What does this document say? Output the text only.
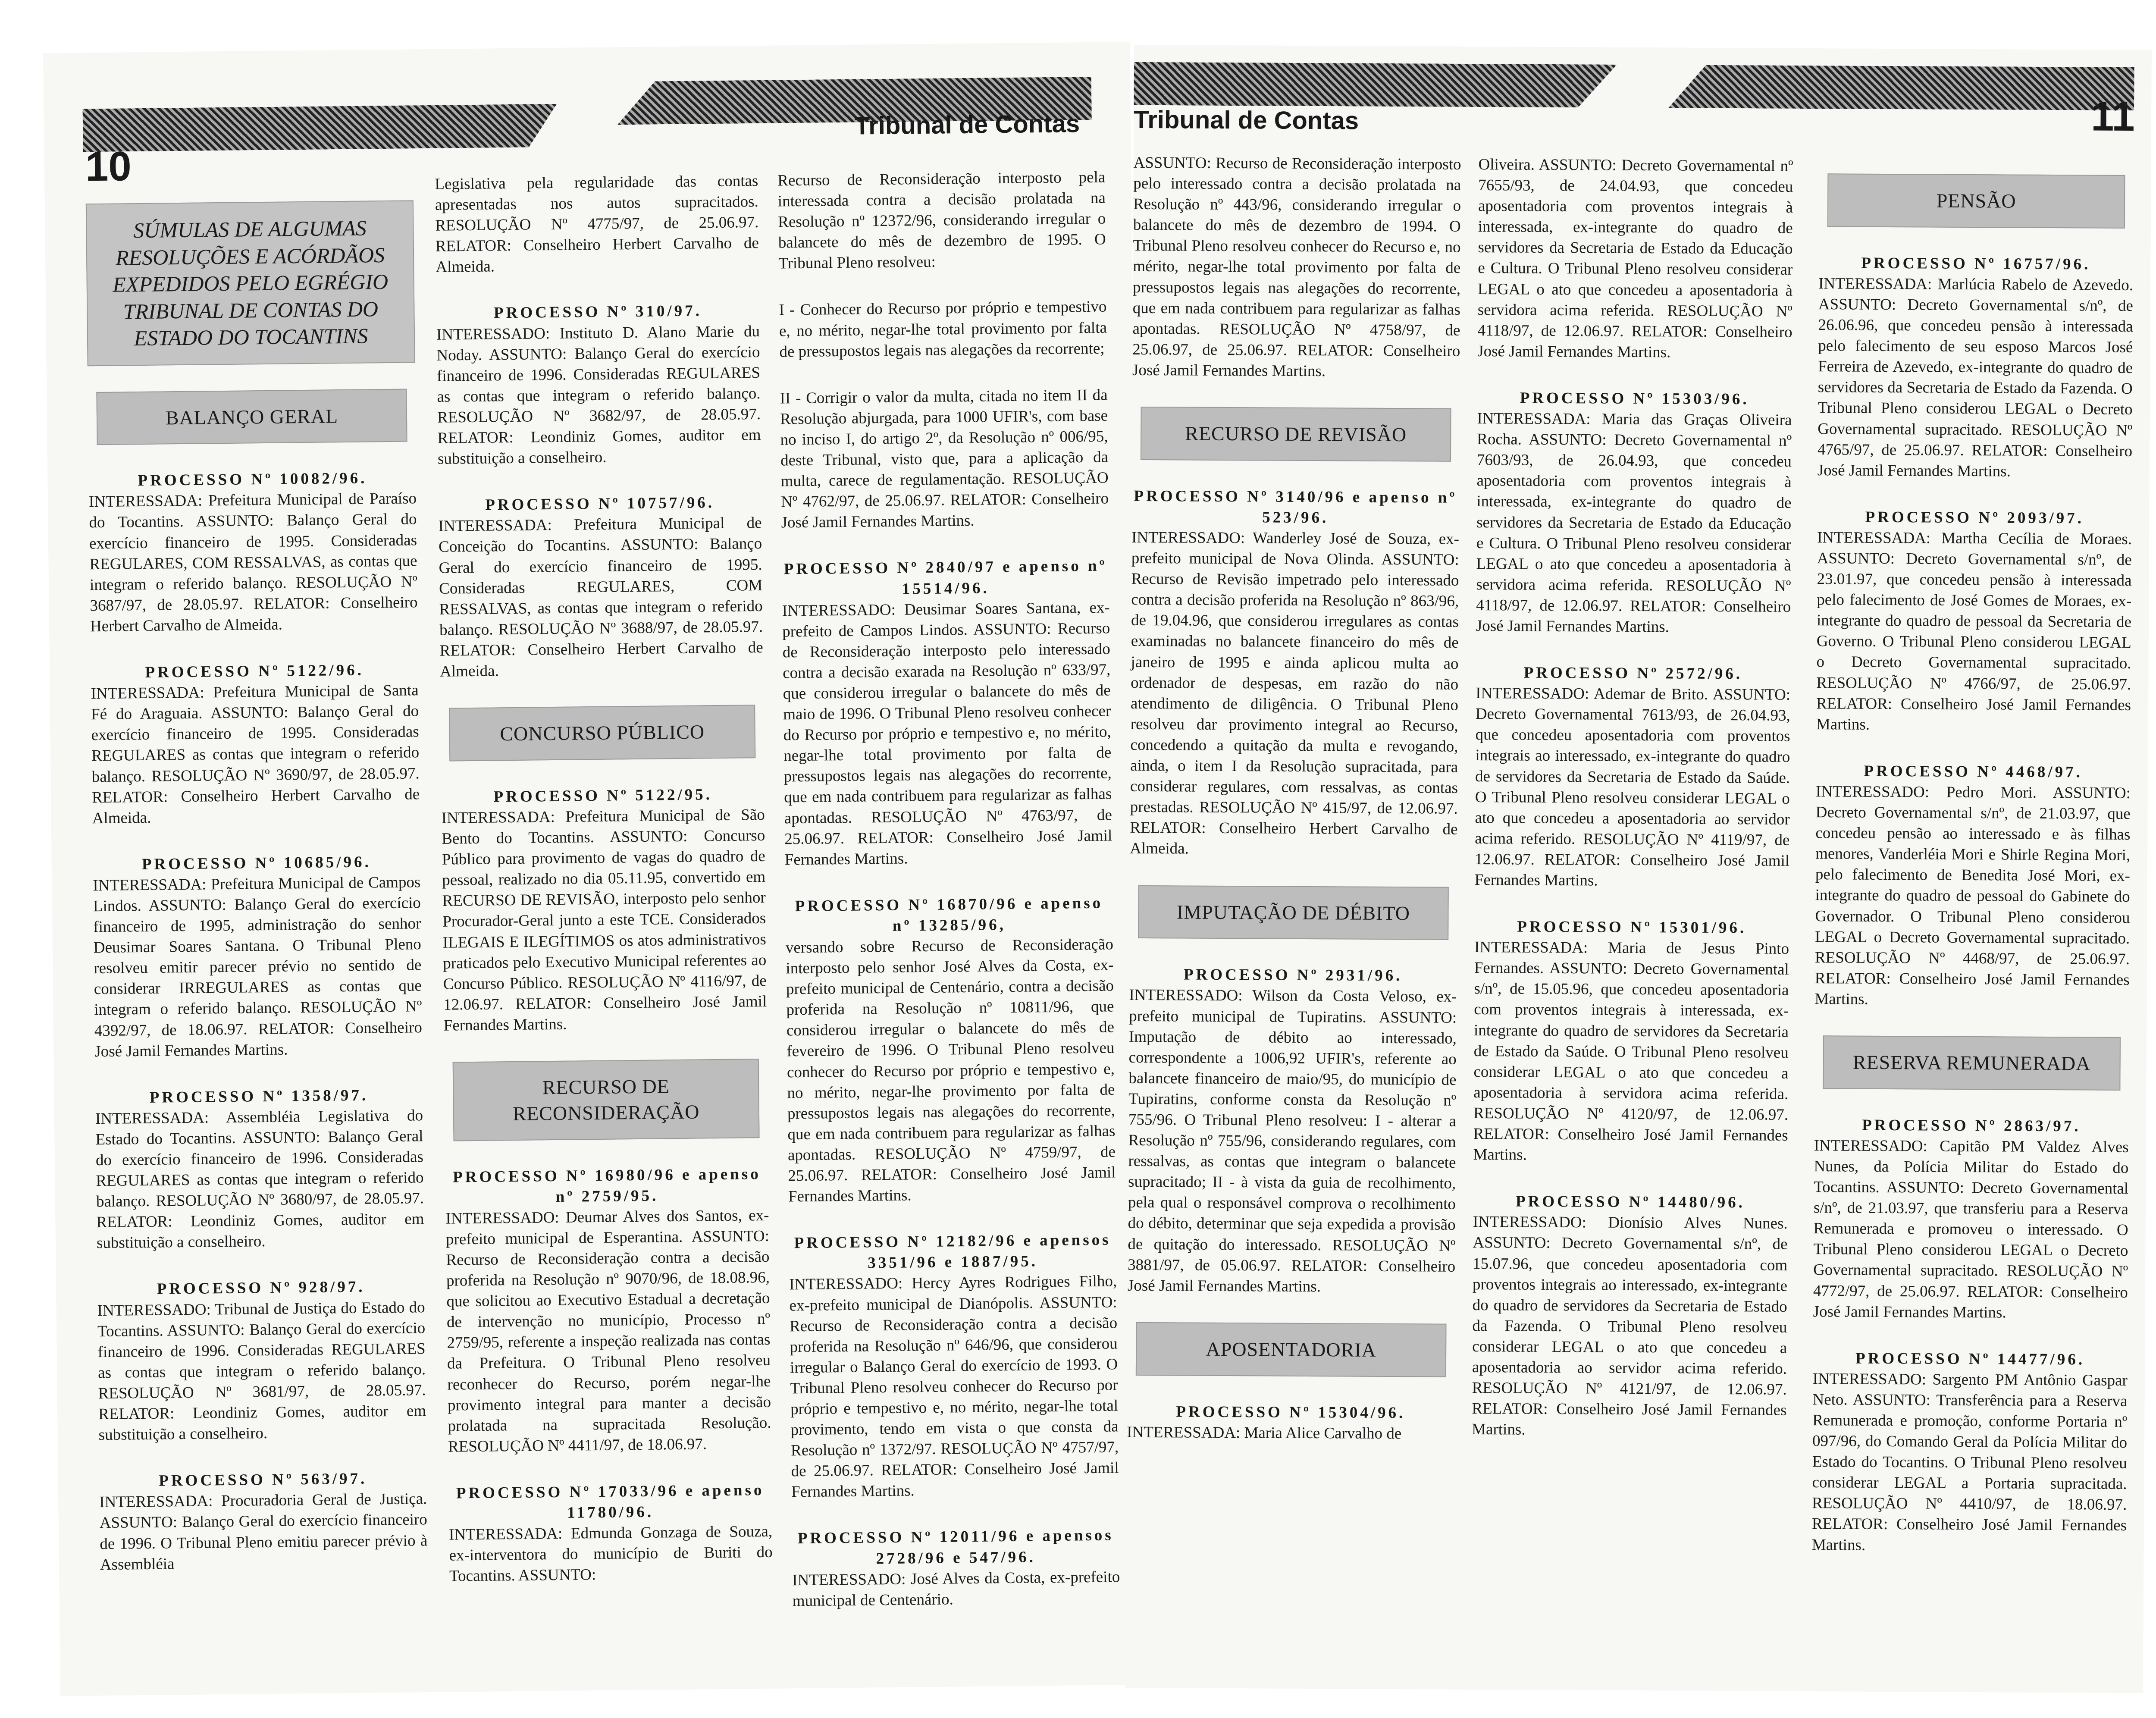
10
Tribunal de Contas
SÚMULAS DE ALGUMAS RESOLUÇÕES E ACÓRDÃOS EXPEDIDOS PELO EGRÉGIO TRIBUNAL DE CONTAS DO ESTADO DO TOCANTINS
BALANÇO GERAL

PROCESSO Nº 10082/96.
INTERESSADA: Prefeitura Municipal de Paraíso do Tocantins. ASSUNTO: Balanço Geral do exercício financeiro de 1995. Consideradas REGULARES, COM RESSALVAS, as contas que integram o referido balanço. RESOLUÇÃO Nº 3687/97, de 28.05.97. RELATOR: Conselheiro Herbert Carvalho de Almeida.

PROCESSO Nº 5122/96.
INTERESSADA: Prefeitura Municipal de Santa Fé do Araguaia. ASSUNTO: Balanço Geral do exercício financeiro de 1995. Consideradas REGULARES as contas que integram o referido balanço. RESOLUÇÃO Nº 3690/97, de 28.05.97. RELATOR: Conselheiro Herbert Carvalho de Almeida.

PROCESSO Nº 10685/96.
INTERESSADA: Prefeitura Municipal de Campos Lindos. ASSUNTO: Balanço Geral do exercício financeiro de 1995, administração do senhor Deusimar Soares Santana. O Tribunal Pleno resolveu emitir parecer prévio no sentido de considerar IRREGULARES as contas que integram o referido balanço. RESOLUÇÃO Nº 4392/97, de 18.06.97. RELATOR: Conselheiro José Jamil Fernandes Martins.

PROCESSO Nº 1358/97.
INTERESSADA: Assembléia Legislativa do Estado do Tocantins. ASSUNTO: Balanço Geral do exercício financeiro de 1996. Consideradas REGULARES as contas que integram o referido balanço. RESOLUÇÃO Nº 3680/97, de 28.05.97. RELATOR: Leondiniz Gomes, auditor em substituição a conselheiro.

PROCESSO Nº 928/97.
INTERESSADO: Tribunal de Justiça do Estado do Tocantins. ASSUNTO: Balanço Geral do exercício financeiro de 1996. Consideradas REGULARES as contas que integram o referido balanço. RESOLUÇÃO Nº 3681/97, de 28.05.97. RELATOR: Leondiniz Gomes, auditor em substituição a conselheiro.

PROCESSO Nº 563/97.
INTERESSADA: Procuradoria Geral de Justiça. ASSUNTO: Balanço Geral do exercício financeiro de 1996. O Tribunal Pleno emitiu parecer prévio à Assembléia

Legislativa pela regularidade das contas apresentadas nos autos supracitados. RESOLUÇÃO Nº 4775/97, de 25.06.97. RELATOR: Conselheiro Herbert Carvalho de Almeida.

PROCESSO Nº 310/97.
INTERESSADO: Instituto D. Alano Marie du Noday. ASSUNTO: Balanço Geral do exercício financeiro de 1996. Consideradas REGULARES as contas que integram o referido balanço. RESOLUÇÃO Nº 3682/97, de 28.05.97. RELATOR: Leondiniz Gomes, auditor em substituição a conselheiro.

PROCESSO Nº 10757/96.
INTERESSADA: Prefeitura Municipal de Conceição do Tocantins. ASSUNTO: Balanço Geral do exercício financeiro de 1995. Consideradas REGULARES, COM RESSALVAS, as contas que integram o referido balanço. RESOLUÇÃO Nº 3688/97, de 28.05.97. RELATOR: Conselheiro Herbert Carvalho de Almeida.

CONCURSO PÚBLICO

PROCESSO Nº 5122/95.
INTERESSADA: Prefeitura Municipal de São Bento do Tocantins. ASSUNTO: Concurso Público para provimento de vagas do quadro de pessoal, realizado no dia 05.11.95, convertido em RECURSO DE REVISÃO, interposto pelo senhor Procurador-Geral junto a este TCE. Considerados ILEGAIS E ILEGÍTIMOS os atos administrativos praticados pelo Executivo Municipal referentes ao Concurso Público. RESOLUÇÃO Nº 4116/97, de 12.06.97. RELATOR: Conselheiro José Jamil Fernandes Martins.

RECURSO DE RECONSIDERAÇÃO

PROCESSO Nº 16980/96 e apenso nº 2759/95.
INTERESSADO: Deumar Alves dos Santos, ex-prefeito municipal de Esperantina. ASSUNTO: Recurso de Reconsideração contra a decisão proferida na Resolução nº 9070/96, de 18.08.96, que solicitou ao Executivo Estadual a decretação de intervenção no município, Processo nº 2759/95, referente a inspeção realizada nas contas da Prefeitura. O Tribunal Pleno resolveu reconhecer do Recurso, porém negar-lhe provimento integral para manter a decisão prolatada na supracitada Resolução. RESOLUÇÃO Nº 4411/97, de 18.06.97.

PROCESSO Nº 17033/96 e apenso 11780/96.
INTERESSADA: Edmunda Gonzaga de Souza, ex-interventora do município de Buriti do Tocantins. ASSUNTO:

Recurso de Reconsideração interposto pela interessada contra a decisão prolatada na Resolução nº 12372/96, considerando irregular o balancete do mês de dezembro de 1995. O Tribunal Pleno resolveu:

I - Conhecer do Recurso por próprio e tempestivo e, no mérito, negar-lhe total provimento por falta de pressupostos legais nas alegações da recorrente;

II - Corrigir o valor da multa, citada no item II da Resolução abjurgada, para 1000 UFIR's, com base no inciso I, do artigo 2º, da Resolução nº 006/95, deste Tribunal, visto que, para a aplicação da multa, carece de regulamentação. RESOLUÇÃO Nº 4762/97, de 25.06.97. RELATOR: Conselheiro José Jamil Fernandes Martins.

PROCESSO Nº 2840/97 e apenso nº 15514/96.
INTERESSADO: Deusimar Soares Santana, ex-prefeito de Campos Lindos. ASSUNTO: Recurso de Reconsideração interposto pelo interessado contra a decisão exarada na Resolução nº 633/97, que considerou irregular o balancete do mês de maio de 1996. O Tribunal Pleno resolveu conhecer do Recurso por próprio e tempestivo e, no mérito, negar-lhe total provimento por falta de pressupostos legais nas alegações do recorrente, que em nada contribuem para regularizar as falhas apontadas. RESOLUÇÃO Nº 4763/97, de 25.06.97. RELATOR: Conselheiro José Jamil Fernandes Martins.

PROCESSO Nº 16870/96 e apenso nº 13285/96,
versando sobre Recurso de Reconsideração interposto pelo senhor José Alves da Costa, ex-prefeito municipal de Centenário, contra a decisão proferida na Resolução nº 10811/96, que considerou irregular o balancete do mês de fevereiro de 1996. O Tribunal Pleno resolveu conhecer do Recurso por próprio e tempestivo e, no mérito, negar-lhe provimento por falta de pressupostos legais nas alegações do recorrente, que em nada contribuem para regularizar as falhas apontadas. RESOLUÇÃO Nº 4759/97, de 25.06.97. RELATOR: Conselheiro José Jamil Fernandes Martins.

PROCESSO Nº 12182/96 e apensos 3351/96 e 1887/95.
INTERESSADO: Hercy Ayres Rodrigues Filho, ex-prefeito municipal de Dianópolis. ASSUNTO: Recurso de Reconsideração contra a decisão proferida na Resolução nº 646/96, que considerou irregular o Balanço Geral do exercício de 1993. O Tribunal Pleno resolveu conhecer do Recurso por próprio e tempestivo e, no mérito, negar-lhe total provimento, tendo em vista o que consta da Resolução nº 1372/97. RESOLUÇÃO Nº 4757/97, de 25.06.97. RELATOR: Conselheiro José Jamil Fernandes Martins.

PROCESSO Nº 12011/96 e apensos 2728/96 e 547/96.
INTERESSADO: José Alves da Costa, ex-prefeito municipal de Centenário.

Tribunal de Contas	11

ASSUNTO: Recurso de Reconsideração interposto pelo interessado contra a decisão prolatada na Resolução nº 443/96, considerando irregular o balancete do mês de dezembro de 1994. O Tribunal Pleno resolveu conhecer do Recurso e, no mérito, negar-lhe total provimento por falta de pressupostos legais nas alegações do recorrente, que em nada contribuem para regularizar as falhas apontadas. RESOLUÇÃO Nº 4758/97, de 25.06.97, de 25.06.97. RELATOR: Conselheiro José Jamil Fernandes Martins.

RECURSO DE REVISÃO

PROCESSO Nº 3140/96 e apenso nº 523/96.
INTERESSADO: Wanderley José de Souza, ex-prefeito municipal de Nova Olinda. ASSUNTO: Recurso de Revisão impetrado pelo interessado contra a decisão proferida na Resolução nº 863/96, de 19.04.96, que considerou irregulares as contas examinadas no balancete financeiro do mês de janeiro de 1995 e ainda aplicou multa ao ordenador de despesas, em razão do não atendimento de diligência. O Tribunal Pleno resolveu dar provimento integral ao Recurso, concedendo a quitação da multa e revogando, ainda, o item I da Resolução supracitada, para considerar regulares, com ressalvas, as contas prestadas. RESOLUÇÃO Nº 415/97, de 12.06.97. RELATOR: Conselheiro Herbert Carvalho de Almeida.

IMPUTAÇÃO DE DÉBITO

PROCESSO Nº 2931/96.
INTERESSADO: Wilson da Costa Veloso, ex-prefeito municipal de Tupiratins. ASSUNTO: Imputação de débito ao interessado, correspondente a 1006,92 UFIR's, referente ao balancete financeiro de maio/95, do município de Tupiratins, conforme consta da Resolução nº 755/96. O Tribunal Pleno resolveu: I - alterar a Resolução nº 755/96, considerando regulares, com ressalvas, as contas que integram o balancete supracitado; II - à vista da guia de recolhimento, pela qual o responsável comprova o recolhimento do débito, determinar que seja expedida a provisão de quitação do interessado. RESOLUÇÃO Nº 3881/97, de 05.06.97. RELATOR: Conselheiro José Jamil Fernandes Martins.

APOSENTADORIA

PROCESSO Nº 15304/96.
INTERESSADA: Maria Alice Carvalho de

Oliveira. ASSUNTO: Decreto Governamental nº 7655/93, de 24.04.93, que concedeu aposentadoria com proventos integrais à interessada, ex-integrante do quadro de servidores da Secretaria de Estado da Educação e Cultura. O Tribunal Pleno resolveu considerar LEGAL o ato que concedeu a aposentadoria à servidora acima referida. RESOLUÇÃO Nº 4118/97, de 12.06.97. RELATOR: Conselheiro José Jamil Fernandes Martins.

PROCESSO Nº 15303/96.
INTERESSADA: Maria das Graças Oliveira Rocha. ASSUNTO: Decreto Governamental nº 7603/93, de 26.04.93, que concedeu aposentadoria com proventos integrais à interessada, ex-integrante do quadro de servidores da Secretaria de Estado da Educação e Cultura. O Tribunal Pleno resolveu considerar LEGAL o ato que concedeu a aposentadoria à servidora acima referida. RESOLUÇÃO Nº 4118/97, de 12.06.97. RELATOR: Conselheiro José Jamil Fernandes Martins.

PROCESSO Nº 2572/96.
INTERESSADO: Ademar de Brito. ASSUNTO: Decreto Governamental 7613/93, de 26.04.93, que concedeu aposentadoria com proventos integrais ao interessado, ex-integrante do quadro de servidores da Secretaria de Estado da Saúde. O Tribunal Pleno resolveu considerar LEGAL o ato que concedeu a aposentadoria ao servidor acima referido. RESOLUÇÃO Nº 4119/97, de 12.06.97. RELATOR: Conselheiro José Jamil Fernandes Martins.

PROCESSO Nº 15301/96.
INTERESSADA: Maria de Jesus Pinto Fernandes. ASSUNTO: Decreto Governamental s/nº, de 15.05.96, que concedeu aposentadoria com proventos integrais à interessada, ex-integrante do quadro de servidores da Secretaria de Estado da Saúde. O Tribunal Pleno resolveu considerar LEGAL o ato que concedeu a aposentadoria à servidora acima referida. RESOLUÇÃO Nº 4120/97, de 12.06.97. RELATOR: Conselheiro José Jamil Fernandes Martins.

PROCESSO Nº 14480/96.
INTERESSADO: Dionísio Alves Nunes. ASSUNTO: Decreto Governamental s/nº, de 15.07.96, que concedeu aposentadoria com proventos integrais ao interessado, ex-integrante do quadro de servidores da Secretaria de Estado da Fazenda. O Tribunal Pleno resolveu considerar LEGAL o ato que concedeu a aposentadoria ao servidor acima referido. RESOLUÇÃO Nº 4121/97, de 12.06.97. RELATOR: Conselheiro José Jamil Fernandes Martins.

PENSÃO

PROCESSO Nº 16757/96.
INTERESSADA: Marlúcia Rabelo de Azevedo. ASSUNTO: Decreto Governamental s/nº, de 26.06.96, que concedeu pensão à interessada pelo falecimento de seu esposo Marcos José Ferreira de Azevedo, ex-integrante do quadro de servidores da Secretaria de Estado da Fazenda. O Tribunal Pleno considerou LEGAL o Decreto Governamental supracitado. RESOLUÇÃO Nº 4765/97, de 25.06.97. RELATOR: Conselheiro José Jamil Fernandes Martins.

PROCESSO Nº 2093/97.
INTERESSADA: Martha Cecília de Moraes. ASSUNTO: Decreto Governamental s/nº, de 23.01.97, que concedeu pensão à interessada pelo falecimento de José Gomes de Moraes, ex-integrante do quadro de pessoal da Secretaria de Governo. O Tribunal Pleno considerou LEGAL o Decreto Governamental supracitado. RESOLUÇÃO Nº 4766/97, de 25.06.97. RELATOR: Conselheiro José Jamil Fernandes Martins.

PROCESSO Nº 4468/97.
INTERESSADO: Pedro Mori. ASSUNTO: Decreto Governamental s/nº, de 21.03.97, que concedeu pensão ao interessado e às filhas menores, Vanderléia Mori e Shirle Regina Mori, pelo falecimento de Benedita José Mori, ex-integrante do quadro de pessoal do Gabinete do Governador. O Tribunal Pleno considerou LEGAL o Decreto Governamental supracitado. RESOLUÇÃO Nº 4468/97, de 25.06.97. RELATOR: Conselheiro José Jamil Fernandes Martins.

RESERVA REMUNERADA

PROCESSO Nº 2863/97.
INTERESSADO: Capitão PM Valdez Alves Nunes, da Polícia Militar do Estado do Tocantins. ASSUNTO: Decreto Governamental s/nº, de 21.03.97, que transferiu para a Reserva Remunerada e promoveu o interessado. O Tribunal Pleno considerou LEGAL o Decreto Governamental supracitado. RESOLUÇÃO Nº 4772/97, de 25.06.97. RELATOR: Conselheiro José Jamil Fernandes Martins.

PROCESSO Nº 14477/96.
INTERESSADO: Sargento PM Antônio Gaspar Neto. ASSUNTO: Transferência para a Reserva Remunerada e promoção, conforme Portaria nº 097/96, do Comando Geral da Polícia Militar do Estado do Tocantins. O Tribunal Pleno resolveu considerar LEGAL a Portaria supracitada. RESOLUÇÃO Nº 4410/97, de 18.06.97. RELATOR: Conselheiro José Jamil Fernandes Martins.
